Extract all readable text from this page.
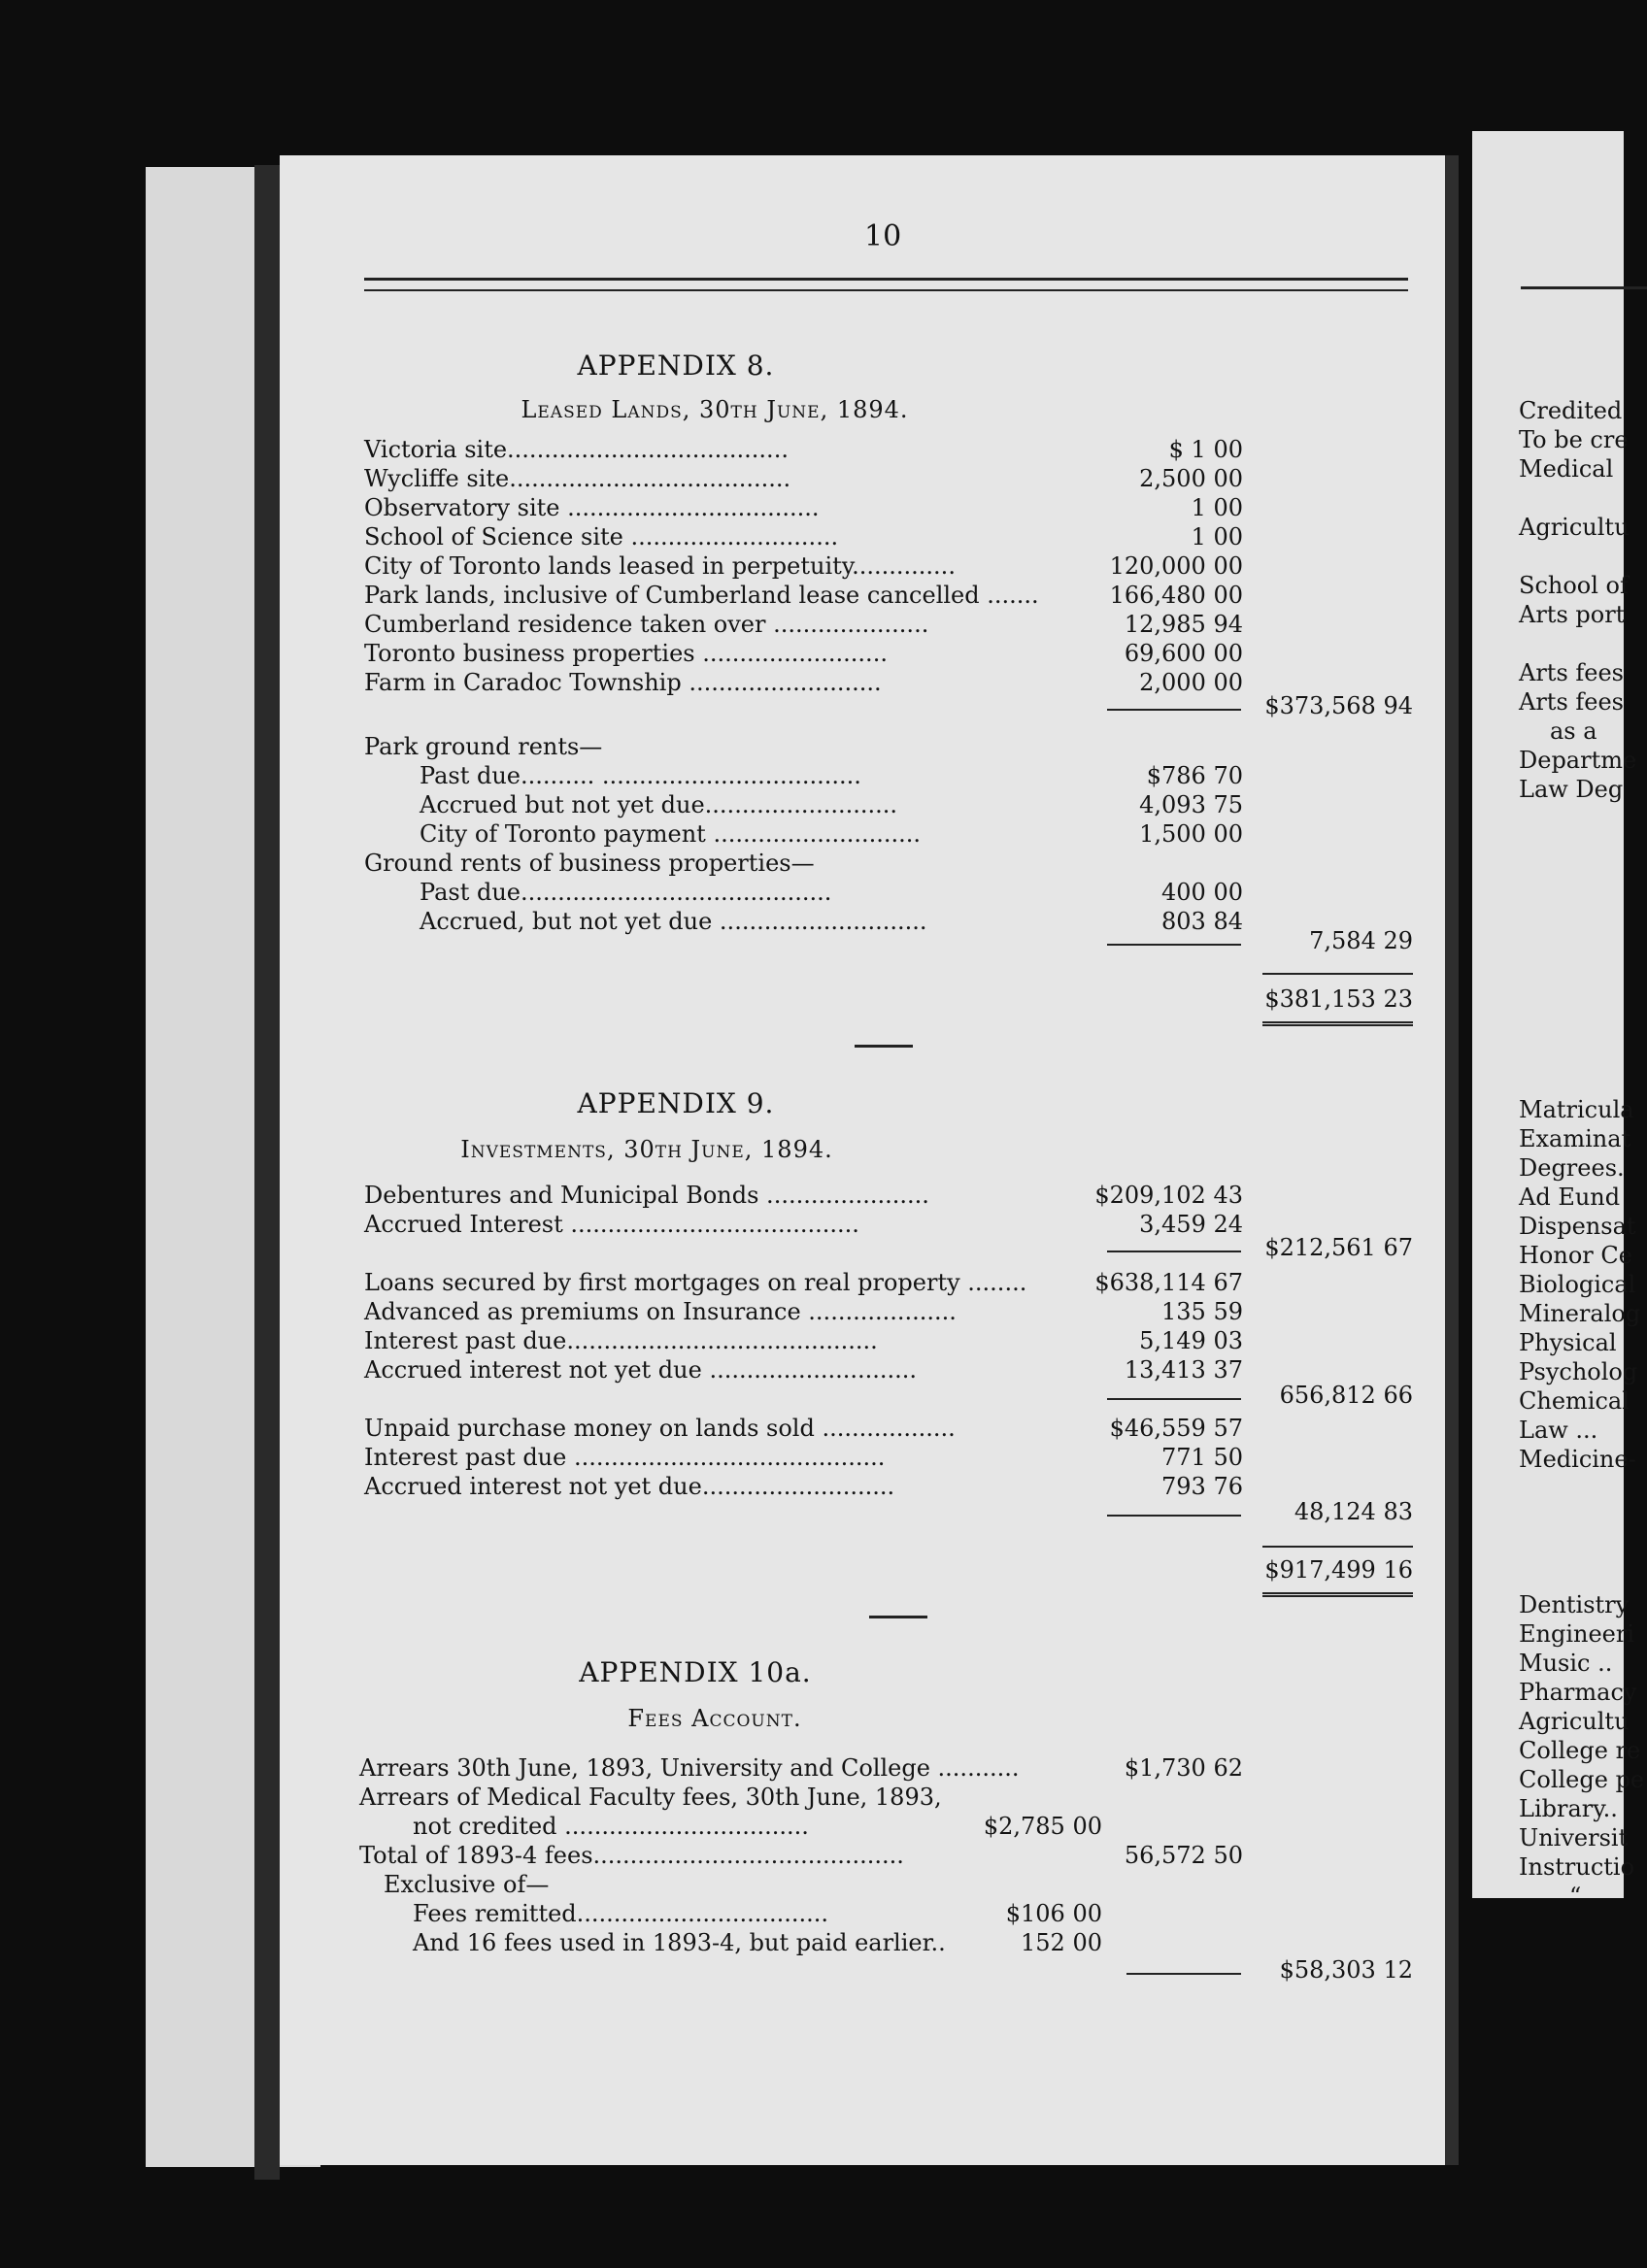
Credited
To be cre
Medical
Agricultu
School of
Arts port
Arts fees
Arts fees
as a
Departme
Law Deg
Matricula
Examinat
Degrees.
Ad Eund
Dispensat
Honor Ce
Biological
Mineralog
Physical
Psycholog
Chemical
Law ...
Medicine-
Dentistry
Engineeri
Music ..
Pharmacy
Agricultu
College re
College pe
Library..
Universit
Instructio
“
10
APPENDIX 8.
Leased Lands, 30th June, 1894.
Victoria site......................................	$ 1 00
Wycliffe site......................................	2,500 00
Observatory site ..................................	1 00
School of Science site ............................	1 00
City of Toronto lands leased in perpetuity..............	120,000 00
Park lands, inclusive of Cumberland lease cancelled .......	166,480 00
Cumberland residence taken over .....................	12,985 94
Toronto business properties .........................	69,600 00
Farm in Caradoc Township ..........................	2,000 00
$373,568 94
Park ground rents—
Past due.......... ...................................	$786 70
Accrued but not yet due..........................	4,093 75
City of Toronto payment ............................	1,500 00
Ground rents of business properties—
Past due..........................................	400 00
Accrued, but not yet due ............................	803 84
7,584 29
$381,153 23
APPENDIX 9.
Investments, 30th June, 1894.
Debentures and Municipal Bonds ......................	$209,102 43
Accrued Interest .......................................	3,459 24
$212,561 67
Loans secured by first mortgages on real property ........	$638,114 67
Advanced as premiums on Insurance ....................	135 59
Interest past due..........................................	5,149 03
Accrued interest not yet due ............................	13,413 37
656,812 66
Unpaid purchase money on lands sold ..................	$46,559 57
Interest past due ..........................................	771 50
Accrued interest not yet due..........................	793 76
48,124 83
$917,499 16
APPENDIX 10a.
Fees Account.
Arrears 30th June, 1893, University and College ...........	$1,730 62
Arrears of Medical Faculty fees, 30th June, 1893,
not credited .................................	$2,785 00
Total of 1893-4 fees..........................................	56,572 50
Exclusive of—
Fees remitted..................................	$106 00
And 16 fees used in 1893-4, but paid earlier..	152 00
$58,303 12
